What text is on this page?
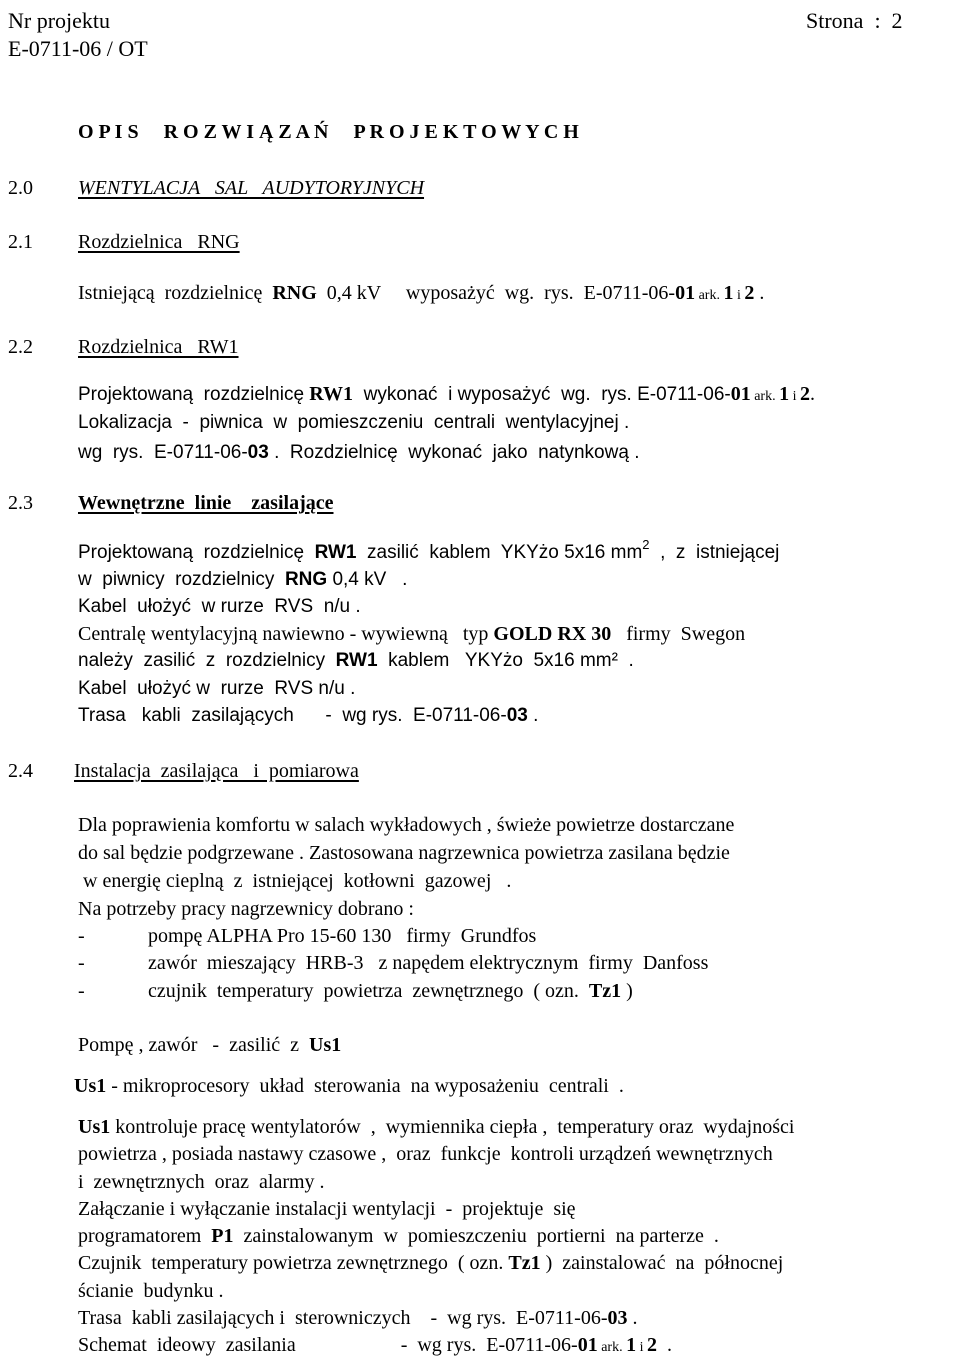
Nr projektu
E-0711-06 / OT
Strona  :  2
O P I S     R O Z W I Ą Z A Ń     P R O J E K T O W Y C H
2.0 WENTYLACJA   SAL   AUDYTORYJNYCH
2.1 Rozdzielnica   RNG
Istniejącą  rozdzielnicę  RNG  0,4 kV     wyposażyć  wg.  rys.  E-0711-06-01 ark. 1 i 2 .
2.2 Rozdzielnica   RW1
Projektowaną  rozdzielnicę RW1  wykonać  i wyposażyć  wg.  rys. E-0711-06-01 ark. 1 i 2.
Lokalizacja  -  piwnica  w  pomieszczeniu  centrali  wentylacyjnej .
wg  rys.  E-0711-06-03 .  Rozdzielnicę  wykonać  jako  natynkową .
2.3 Wewnętrzne  linie    zasilające
Projektowaną  rozdzielnicę  RW1  zasilić  kablem  YKYżo 5x16 $mm^2$  ,  z  istniejącej
w  piwnicy  rozdzielnicy  RNG 0,4 kV   .
Kabel  ułożyć  w rurze  RVS  n/u .
Centralę wentylacyjną nawiewno - wywiewną   typ GOLD RX 30   firmy  Swegon
należy  zasilić  z  rozdzielnicy  RW1  kablem   YKYżo  5x16 mm²  .
Kabel  ułożyć w  rurze  RVS n/u .
Trasa   kabli  zasilających      -  wg rys.  E-0711-06-03 .
2.4 Instalacja  zasilająca   i  pomiarowa
Dla poprawienia komfortu w salach wykładowych , świeże powietrze dostarczane
do sal będzie podgrzewane . Zastosowana nagrzewnica powietrza zasilana będzie
w energię cieplną  z  istniejącej  kotłowni  gazowej   .
Na potrzeby pracy nagrzewnicy dobrano :
-	pompę ALPHA Pro 15-60 130   firmy  Grundfos
-	zawór  mieszający  HRB-3   z napędem elektrycznym  firmy  Danfoss
-	czujnik  temperatury  powietrza  zewnętrznego  ( ozn.  Tz1 )
Pompę , zawór   -  zasilić  z  Us1
Us1 - mikroprocesory  układ  sterowania  na wyposażeniu  centrali  .
Us1 kontroluje pracę wentylatorów  ,  wymiennika ciepła ,  temperatury oraz  wydajności
powietrza , posiada nastawy czasowe ,  oraz  funkcje  kontroli urządzeń wewnętrznych
i  zewnętrznych  oraz  alarmy .
Załączanie i wyłączanie instalacji wentylacji  -  projektuje  się
programatorem  P1  zainstalowanym  w  pomieszczeniu  portierni  na parterze  .
Czujnik  temperatury powietrza zewnętrznego  ( ozn. Tz1 )  zainstalować  na  północnej
ścianie  budynku .
Trasa  kabli zasilających i  sterowniczych    -  wg rys.  E-0711-06-03 .
Schemat  ideowy  zasilania                     -  wg rys.  E-0711-06-01 ark. 1 i 2  .
